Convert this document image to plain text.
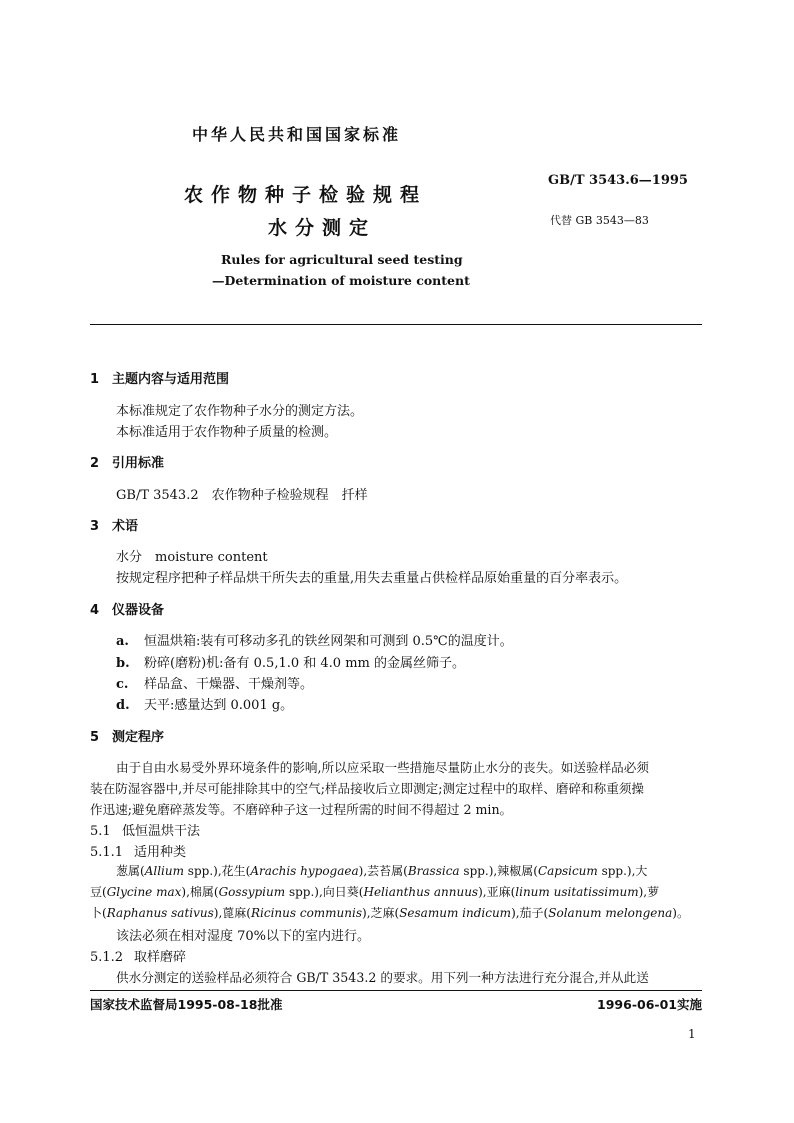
中华人民共和国国家标准
农作物种子检验规程
水分测定
Rules for agricultural seed testing
—Determination of moisture content
GB/T 3543.6—1995
代替 GB 3543—83
1 主题内容与适用范围
本标准规定了农作物种子水分的测定方法。
本标准适用于农作物种子质量的检测。
2 引用标准
GB/T 3543.2　农作物种子检验规程　扦样
3 术语
水分　moisture content
按规定程序把种子样品烘干所失去的重量,用失去重量占供检样品原始重量的百分率表示。
4 仪器设备
a. 恒温烘箱:装有可移动多孔的铁丝网架和可测到 0.5℃的温度计。
b. 粉碎(磨粉)机:备有 0.5,1.0 和 4.0 mm 的金属丝筛子。
c. 样品盒、干燥器、干燥剂等。
d. 天平:感量达到 0.001 g。
5 测定程序
由于自由水易受外界环境条件的影响,所以应采取一些措施尽量防止水分的丧失。如送验样品必须
装在防湿容器中,并尽可能排除其中的空气;样品接收后立即测定;测定过程中的取样、磨碎和称重须操
作迅速;避免磨碎蒸发等。不磨碎种子这一过程所需的时间不得超过 2 min。
5.1 低恒温烘干法
5.1.1 适用种类
葱属(Allium spp.),花生(Arachis hypogaea),芸苔属(Brassica spp.),辣椒属(Capsicum spp.),大
豆(Glycine max),棉属(Gossypium spp.),向日葵(Helianthus annuus),亚麻(linum usitatissimum),萝
卜(Raphanus sativus),蓖麻(Ricinus communis),芝麻(Sesamum indicum),茄子(Solanum melongena)。
该法必须在相对湿度 70%以下的室内进行。
5.1.2 取样磨碎
供水分测定的送验样品必须符合 GB/T 3543.2 的要求。用下列一种方法进行充分混合,并从此送
国家技术监督局1995-08-18批准	1996-06-01实施
1
